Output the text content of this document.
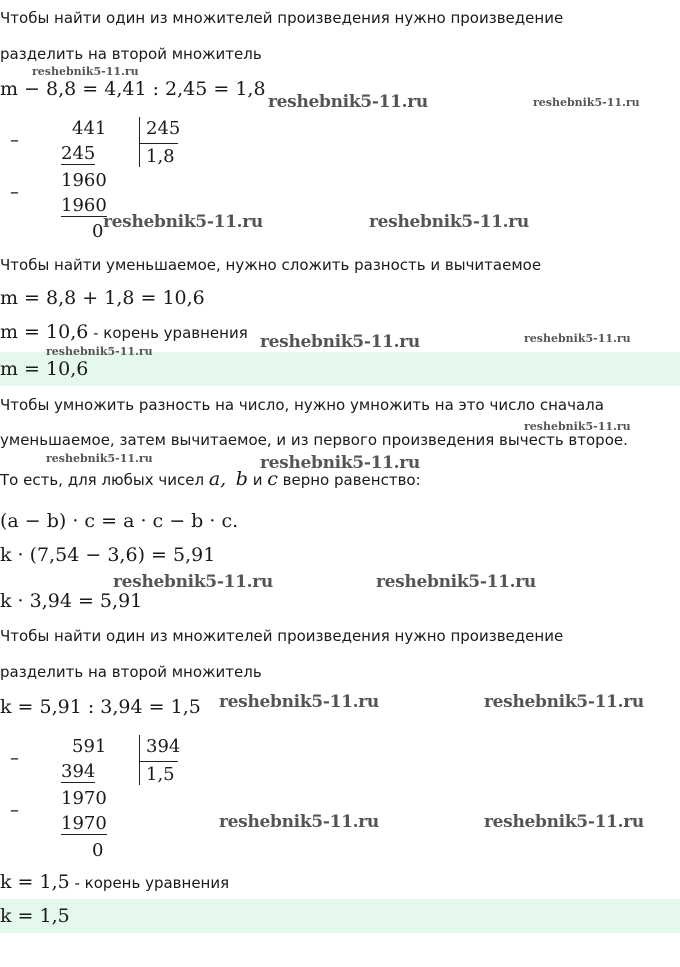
Чтобы найти один из множителей произведения нужно произведение
разделить на второй множитель
reshebnik5-11.ru
m − 8,8 = 4,41 : 2,45 = 1,8
reshebnik5-11.ru	reshebnik5-11.ru
–
441 245
1,8
245
1960
–
1960
0 reshebnik5-11.ru	reshebnik5-11.ru
Чтобы найти уменьшаемое, нужно сложить разность и вычитаемое
m = 8,8 + 1,8 = 10,6
m = 10,6 - корень уравнения reshebnik5-11.ru	reshebnik5-11.ru
reshebnik5-11.ru
m = 10,6
Чтобы умножить разность на число, нужно умножить на это число сначала
reshebnik5-11.ru
уменьшаемое, затем вычитаемое, и из первого произведения вычесть второе.
reshebnik5-11.ru	reshebnik5-11.ru
То есть, для любых чисел a, b и c верно равенство:
(a − b) · c = a · c − b · c.
k · (7,54 − 3,6) = 5,91
reshebnik5-11.ru	reshebnik5-11.ru
k · 3,94 = 5,91
Чтобы найти один из множителей произведения нужно произведение
разделить на второй множитель
k = 5,91 : 3,94 = 1,5 reshebnik5-11.ru	reshebnik5-11.ru
–
591 394
1,5
394
1970
–
1970
0
reshebnik5-11.ru	reshebnik5-11.ru
k = 1,5 - корень уравнения
k = 1,5
